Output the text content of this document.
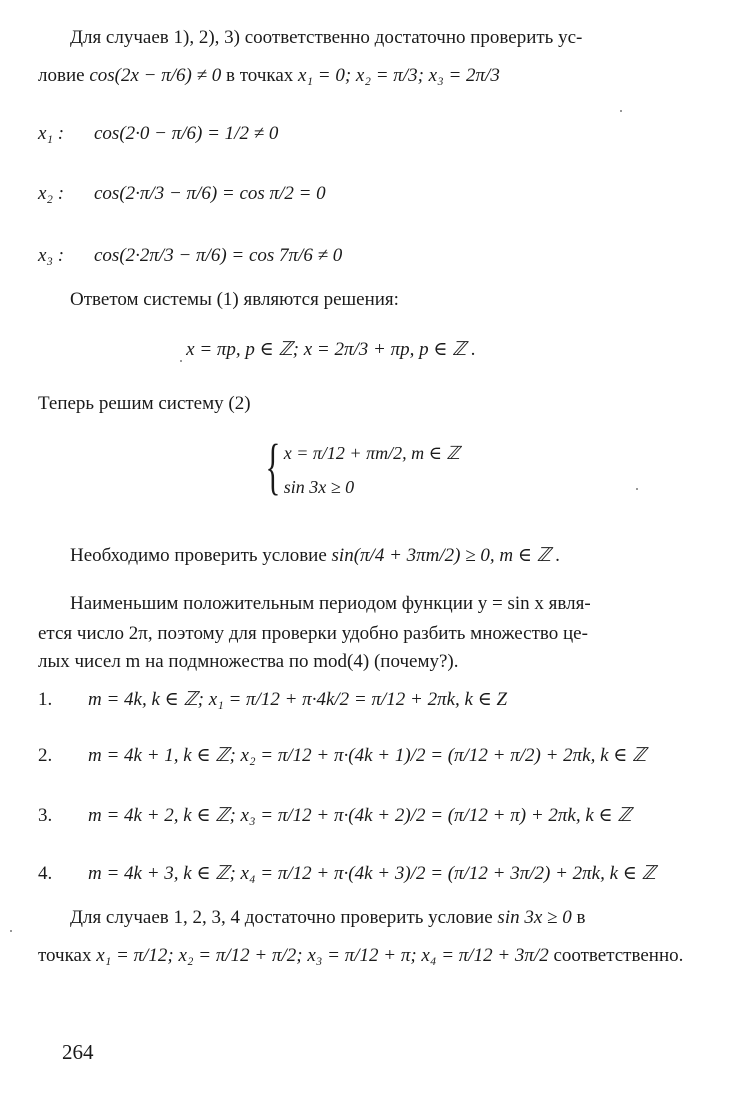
Для случаев 1), 2), 3) соответственно достаточно проверить ус-
ловие cos(2x − π/6) ≠ 0 в точках x₁ = 0; x₂ = π/3; x₃ = 2π/3
x₁ : cos(2·0 − π/6) = 1/2 ≠ 0
x₂ : cos(2·π/3 − π/6) = cos π/2 = 0
x₃ : cos(2·2π/3 − π/6) = cos 7π/6 ≠ 0
Ответом системы (1) являются решения:
x = πp, p ∈ ℤ; x = 2π/3 + πp, p ∈ ℤ .
Теперь решим систему (2)
{ x = π/12 + πm/2, m ∈ ℤ
sin 3x ≥ 0
Необходимо проверить условие sin(π/4 + 3πm/2) ≥ 0, m ∈ ℤ .
Наименьшим положительным периодом функции y = sin x явля-
ется число 2π, поэтому для проверки удобно разбить множество це-
лых чисел m на подмножества по mod(4) (почему?).
1. m = 4k, k ∈ ℤ; x₁ = π/12 + π·4k/2 = π/12 + 2πk, k ∈ Z
2. m = 4k + 1, k ∈ ℤ; x₂ = π/12 + π·(4k + 1)/2 = (π/12 + π/2) + 2πk, k ∈ ℤ
3. m = 4k + 2, k ∈ ℤ; x₃ = π/12 + π·(4k + 2)/2 = (π/12 + π) + 2πk, k ∈ ℤ
4. m = 4k + 3, k ∈ ℤ; x₄ = π/12 + π·(4k + 3)/2 = (π/12 + 3π/2) + 2πk, k ∈ ℤ
Для случаев 1, 2, 3, 4 достаточно проверить условие sin 3x ≥ 0 в
точках x₁ = π/12; x₂ = π/12 + π/2; x₃ = π/12 + π; x₄ = π/12 + 3π/2 соответственно.
264
